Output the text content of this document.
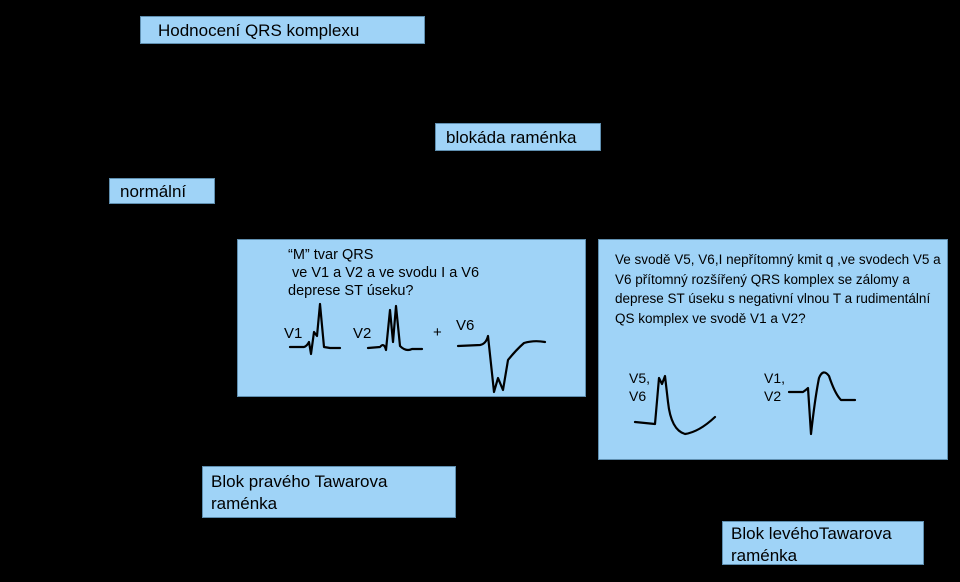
Hodnocení QRS komplexu
blokáda raménka
normální
“M” tvar QRS
ve V1 a V2 a ve svodu I a V6
deprese ST úseku?
V1	V2	+ V6
Ve svodě V5, V6,I nepřítomný kmit q ,ve svodech V5 a V6 přítomný rozšířený QRS komplex se zálomy a deprese ST úseku s negativní vlnou T a rudimentální QS komplex ve svodě V1 a V2?
V5,
V6
V1,
V2
Blok pravého Tawarova
raménka
Blok levéhoTawarova
raménka
